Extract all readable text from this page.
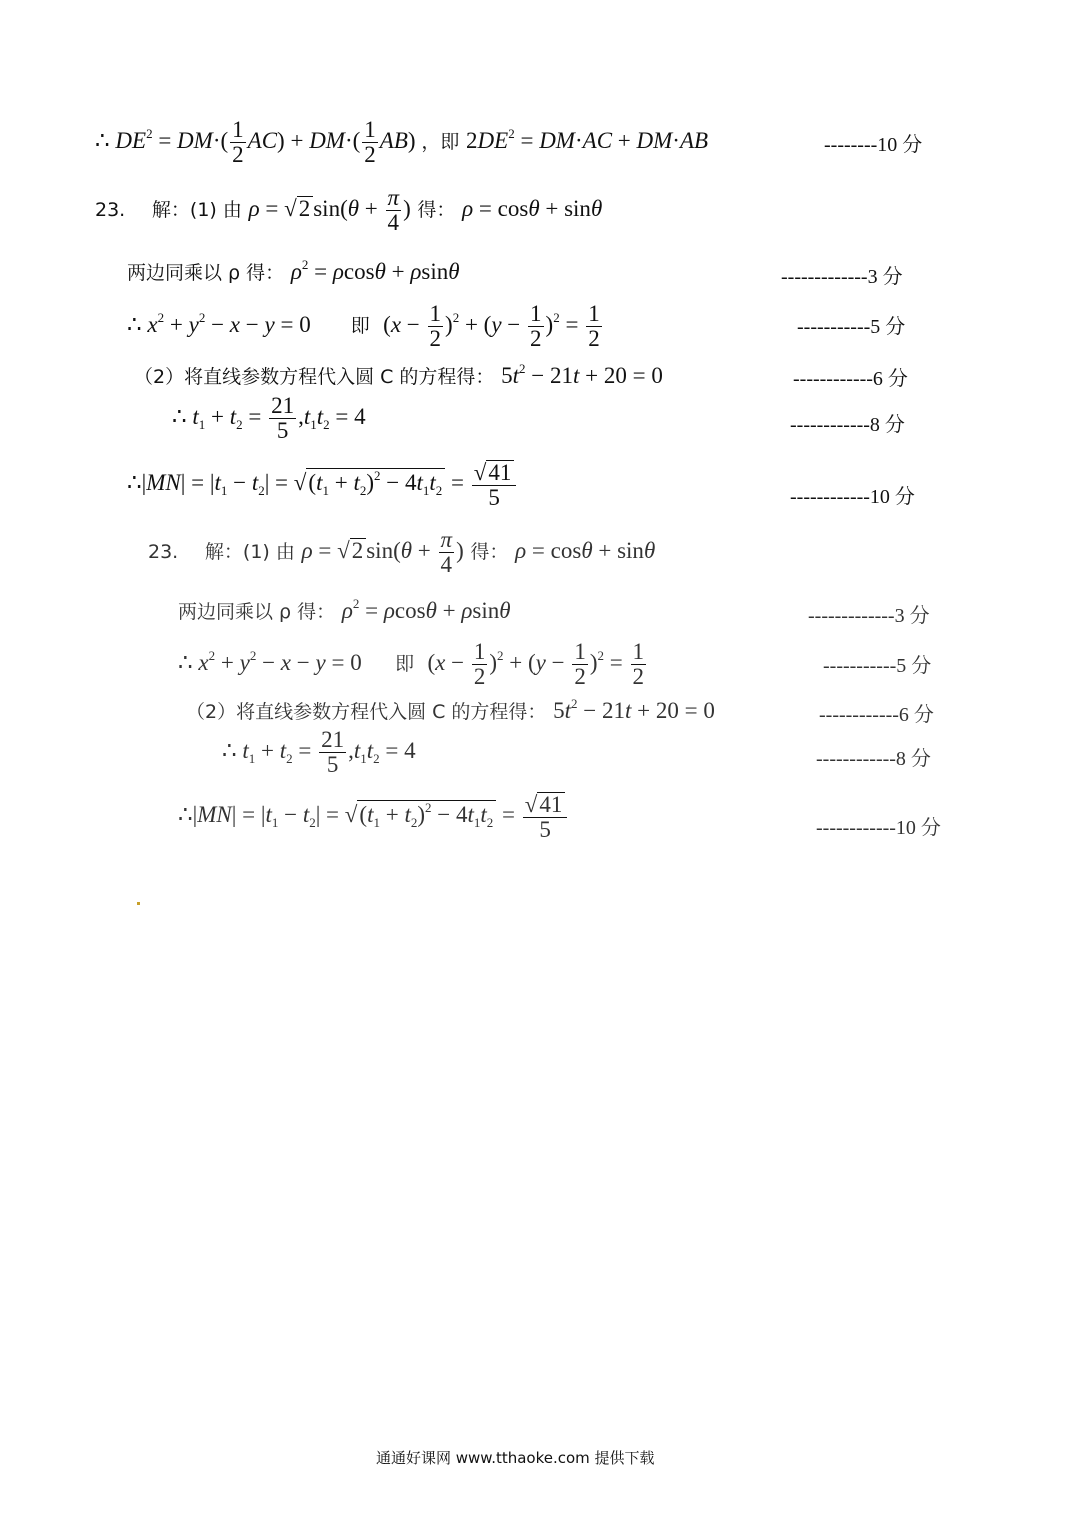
∴ $DE^2 = DM\cdot( \frac{1}{2} AC) + DM\cdot( \frac{1}{2} AB)$ ，即 $2DE^2 = DM\cdot AC + DM\cdot AB$	--------10 分
23. 解：(1) 由 ρ = √2 $\sin(\theta + \frac{\pi}{4}$ ) 得： ρ = cosθ + sinθ
两边同乘以 ρ 得： $\rho^2 = \rho\cos\theta + \rho\sin\theta$	-------------3 分
∴ $x^2 + y^2 - x - y = 0$ 即 $(x - \frac{1}{2} )^2 + (y - \frac{1}{2} )^2 = \frac{1}{2}$	-----------5 分
（2）将直线参数方程代入圆 C 的方程得： $5t^2 - 21t + 20 = 0$	------------6 分
∴ $t_1 + t_2 = \frac{21}{5} ,t_1t_2 = 4$	------------8 分
∴|MN| = $|t_1 - t_2| = √(t_1 + t_2)^2 - 4t_1t_2 = \frac{√41}{5}$	------------10 分
23. 解：(1) 由 ρ = √2 $\sin(\theta + \frac{\pi}{4}$ ) 得： ρ = cosθ + sinθ
两边同乘以 ρ 得： $\rho^2 = \rho\cos\theta + \rho\sin\theta$	-------------3 分
∴ $x^2 + y^2 - x - y = 0$ 即 $(x - \frac{1}{2} )^2 + (y - \frac{1}{2} )^2 = \frac{1}{2}$	-----------5 分
（2）将直线参数方程代入圆 C 的方程得： $5t^2 - 21t + 20 = 0$	------------6 分
∴ $t_1 + t_2 = \frac{21}{5} ,t_1t_2 = 4$	------------8 分
∴|MN| = $|t_1 - t_2| = √(t_1 + t_2)^2 - 4t_1t_2 = \frac{√41}{5}$	------------10 分
通通好课网 www.tthaoke.com 提供下载
